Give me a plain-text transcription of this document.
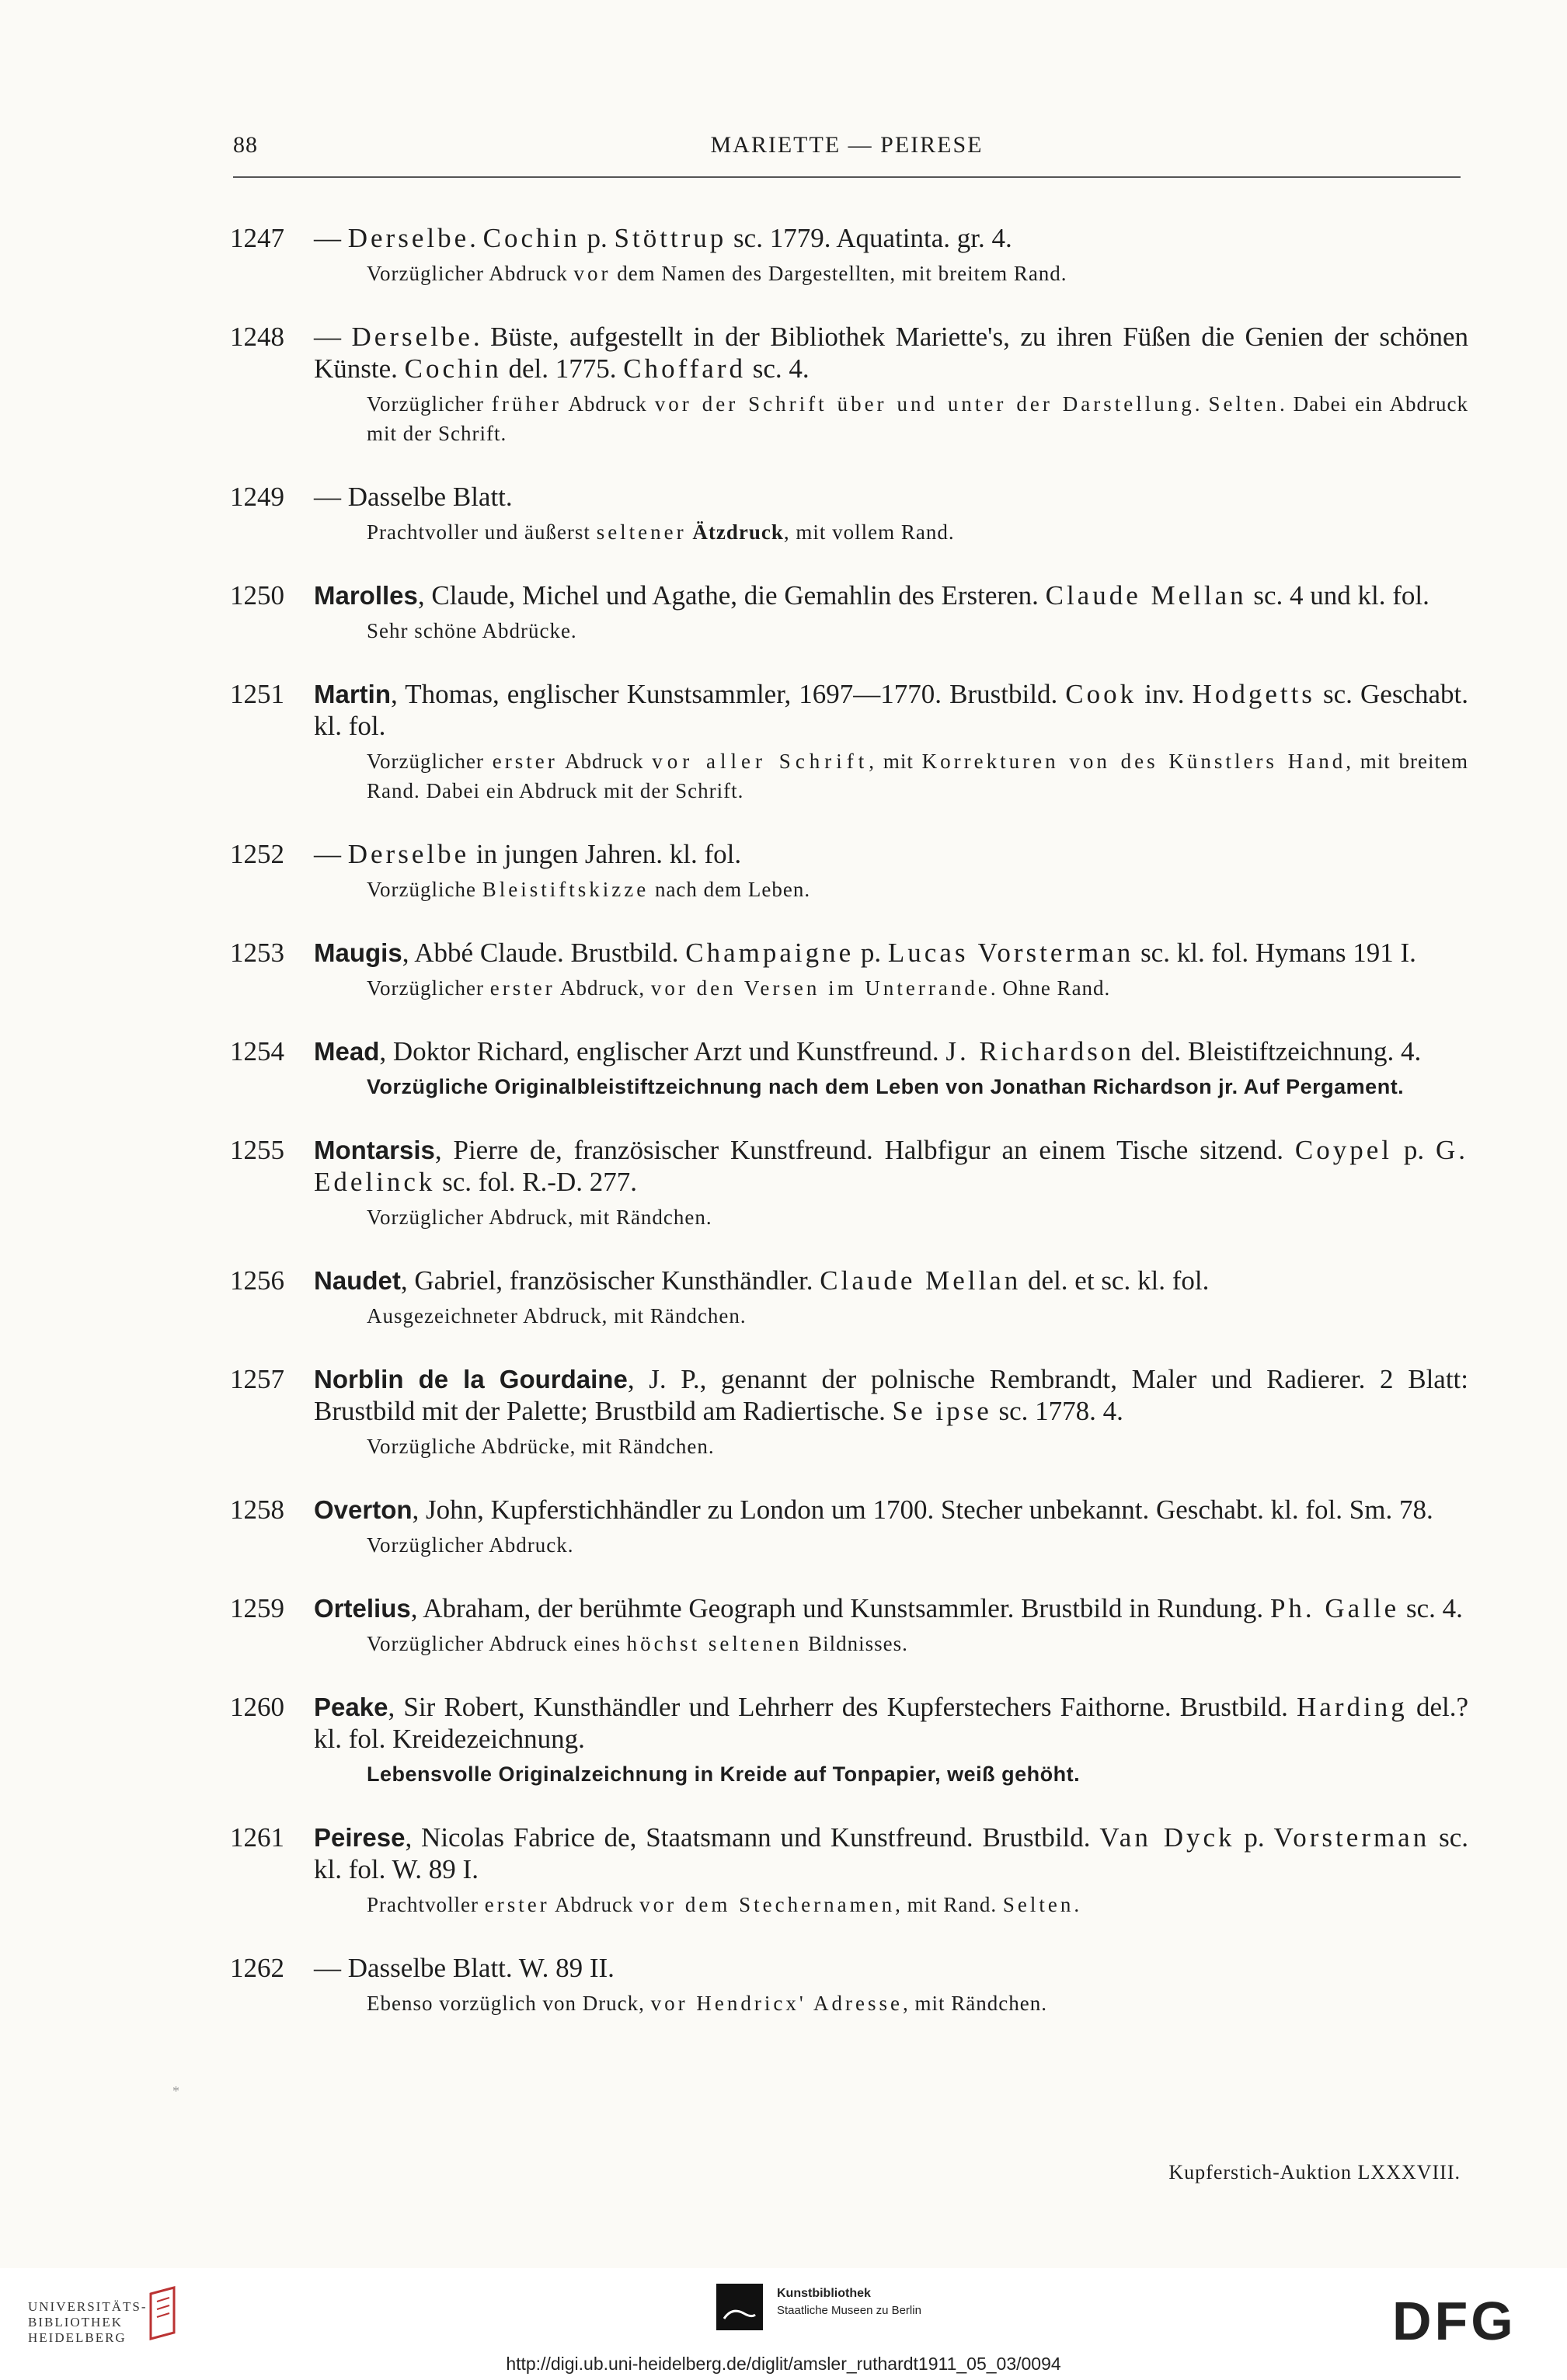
88	MARIETTE — PEIRESE
1247 — Derselbe. Cochin p. Stöttrup sc. 1779. Aquatinta. gr. 4.
Vorzüglicher Abdruck vor dem Namen des Dargestellten, mit breitem Rand.
1248 — Derselbe. Büste, aufgestellt in der Bibliothek Mariette's, zu ihren Füßen die Genien der schönen Künste. Cochin del. 1775. Choffard sc. 4.
Vorzüglicher früher Abdruck vor der Schrift über und unter der Darstellung. Selten. Dabei ein Abdruck mit der Schrift.
1249 — Dasselbe Blatt.
Prachtvoller und äußerst seltener Ätzdruck, mit vollem Rand.
1250 Marolles, Claude, Michel und Agathe, die Gemahlin des Ersteren. Claude Mellan sc. 4 und kl. fol.
Sehr schöne Abdrücke.
1251 Martin, Thomas, englischer Kunstsammler, 1697—1770. Brustbild. Cook inv. Hodgetts sc. Geschabt. kl. fol.
Vorzüglicher erster Abdruck vor aller Schrift, mit Korrekturen von des Künstlers Hand, mit breitem Rand. Dabei ein Abdruck mit der Schrift.
1252 — Derselbe in jungen Jahren. kl. fol.
Vorzügliche Bleistiftskizze nach dem Leben.
1253 Maugis, Abbé Claude. Brustbild. Champaigne p. Lucas Vorsterman sc. kl. fol. Hymans 191 I.
Vorzüglicher erster Abdruck, vor den Versen im Unterrande. Ohne Rand.
1254 Mead, Doktor Richard, englischer Arzt und Kunstfreund. J. Richardson del. Bleistiftzeichnung. 4.
Vorzügliche Originalbleistiftzeichnung nach dem Leben von Jonathan Richardson jr. Auf Pergament.
1255 Montarsis, Pierre de, französischer Kunstfreund. Halbfigur an einem Tische sitzend. Coypel p. G. Edelinck sc. fol. R.-D. 277.
Vorzüglicher Abdruck, mit Rändchen.
1256 Naudet, Gabriel, französischer Kunsthändler. Claude Mellan del. et sc. kl. fol.
Ausgezeichneter Abdruck, mit Rändchen.
1257 Norblin de la Gourdaine, J. P., genannt der polnische Rembrandt, Maler und Radierer. 2 Blatt: Brustbild mit der Palette; Brustbild am Radiertische. Se ipse sc. 1778. 4.
Vorzügliche Abdrücke, mit Rändchen.
1258 Overton, John, Kupferstichhändler zu London um 1700. Stecher unbekannt. Geschabt. kl. fol. Sm. 78.
Vorzüglicher Abdruck.
1259 Ortelius, Abraham, der berühmte Geograph und Kunstsammler. Brustbild in Rundung. Ph. Galle sc. 4.
Vorzüglicher Abdruck eines höchst seltenen Bildnisses.
1260 Peake, Sir Robert, Kunsthändler und Lehrherr des Kupferstechers Faithorne. Brustbild. Harding del.? kl. fol. Kreidezeichnung.
Lebensvolle Originalzeichnung in Kreide auf Tonpapier, weiß gehöht.
1261 Peirese, Nicolas Fabrice de, Staatsmann und Kunstfreund. Brustbild. Van Dyck p. Vorsterman sc. kl. fol. W. 89 I.
Prachtvoller erster Abdruck vor dem Stechernamen, mit Rand. Selten.
1262 — Dasselbe Blatt. W. 89 II.
Ebenso vorzüglich von Druck, vor Hendricx' Adresse, mit Rändchen.
*
Kupferstich-Auktion LXXXVIII.
UNIVERSITÄTS-
BIBLIOTHEK
HEIDELBERG
Kunstbibliothek
Staatliche Museen zu Berlin	DFG
http://digi.ub.uni-heidelberg.de/diglit/amsler_ruthardt1911_05_03/0094
